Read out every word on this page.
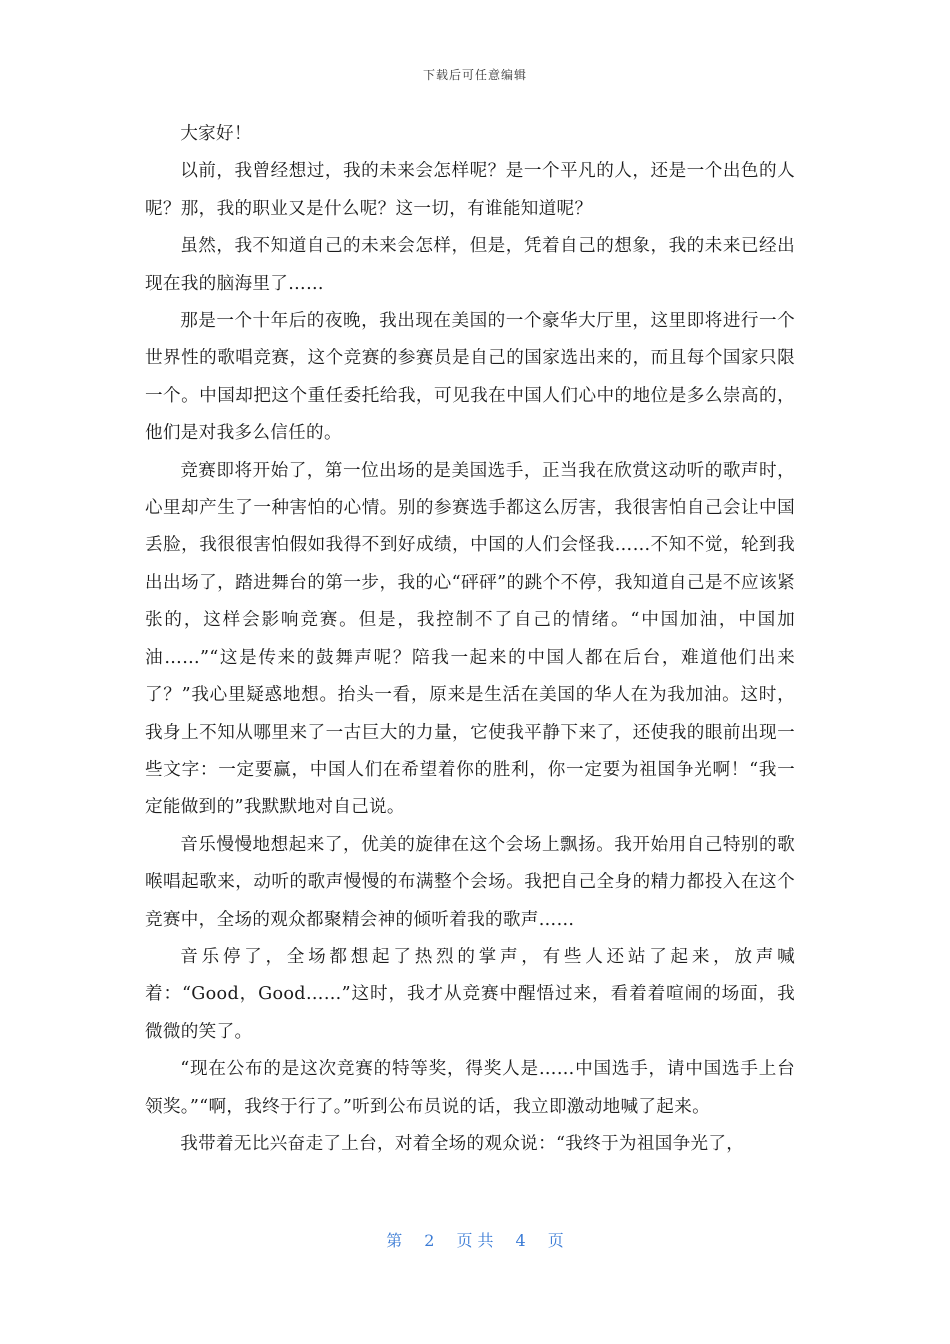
下载后可任意编辑

大家好！

以前，我曾经想过，我的未来会怎样呢？是一个平凡的人，还是一个出色的人呢？那，我的职业又是什么呢？这一切，有谁能知道呢？

虽然，我不知道自己的未来会怎样，但是，凭着自己的想象，我的未来已经出现在我的脑海里了……

那是一个十年后的夜晚，我出现在美国的一个豪华大厅里，这里即将进行一个世界性的歌唱竞赛，这个竞赛的参赛员是自己的国家选出来的，而且每个国家只限一个。中国却把这个重任委托给我，可见我在中国人们心中的地位是多么崇高的，他们是对我多么信任的。

竞赛即将开始了，第一位出场的是美国选手，正当我在欣赏这动听的歌声时，心里却产生了一种害怕的心情。别的参赛选手都这么厉害，我很害怕自己会让中国丢脸，我很很害怕假如我得不到好成绩，中国的人们会怪我……不知不觉，轮到我出出场了，踏进舞台的第一步，我的心“砰砰”的跳个不停，我知道自己是不应该紧张的，这样会影响竞赛。但是，我控制不了自己的情绪。“中国加油，中国加油……”“这是传来的鼓舞声呢？陪我一起来的中国人都在后台，难道他们出来了？”我心里疑惑地想。抬头一看，原来是生活在美国的华人在为我加油。这时，我身上不知从哪里来了一古巨大的力量，它使我平静下来了，还使我的眼前出现一些文字：一定要赢，中国人们在希望着你的胜利，你一定要为祖国争光啊！“我一定能做到的”我默默地对自己说。

音乐慢慢地想起来了，优美的旋律在这个会场上飘扬。我开始用自己特别的歌喉唱起歌来，动听的歌声慢慢的布满整个会场。我把自己全身的精力都投入在这个竞赛中，全场的观众都聚精会神的倾听着我的歌声……

音乐停了，全场都想起了热烈的掌声，有些人还站了起来，放声喊着：“Good，Good……”这时，我才从竞赛中醒悟过来，看着着喧闹的场面，我微微的笑了。

“现在公布的是这次竞赛的特等奖，得奖人是……中国选手，请中国选手上台领奖。”“啊，我终于行了。”听到公布员说的话，我立即激动地喊了起来。

我带着无比兴奋走了上台，对着全场的观众说：“我终于为祖国争光了，

第 2 页 共 4 页
